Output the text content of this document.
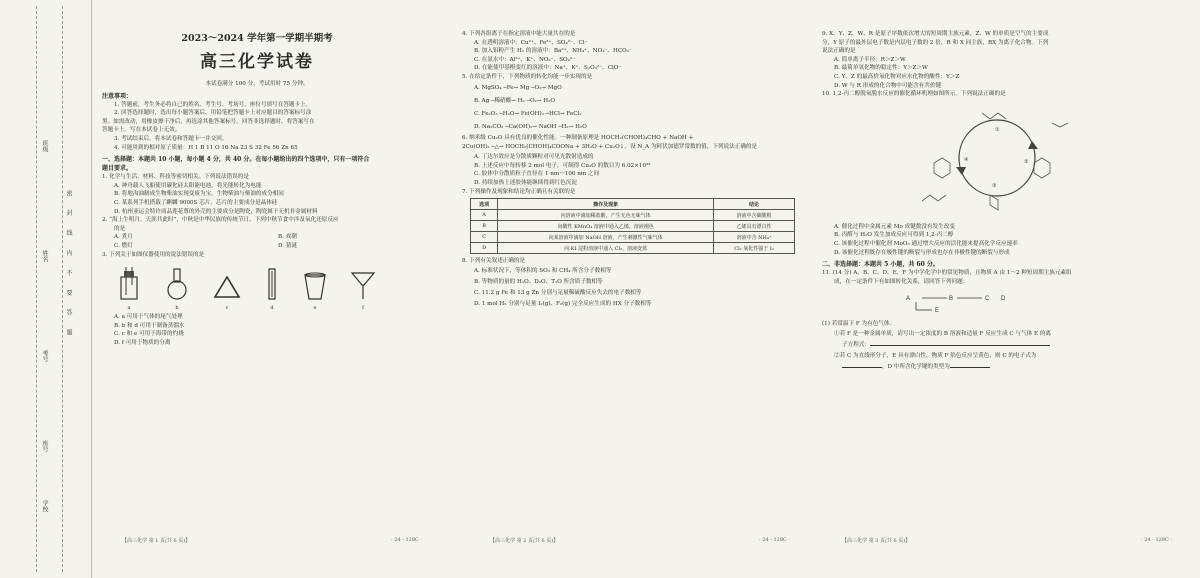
班级
姓名
考号
座号
学校
密 封 线 内 不 要 答 题
2023～2024 学年第一学期半期考
高三化学试卷
本试卷满分 100 分，考试用时 75 分钟。
注意事项：
1. 答题前，考生务必将自己的姓名、考生号、考场号、座位号填写在答题卡上。
2. 回答选择题时，选出每小题答案后，用铅笔把答题卡上对应题目的答案标号涂
黑。如需改动，用橡皮擦干净后，再选涂其他答案标号。回答非选择题时，将答案写在
答题卡上。写在本试卷上无效。
3. 考试结束后，将本试卷和答题卡一并交回。
4. 可能用到的相对原子质量：H 1 B 11 O 16 Na 23 S 32 Fe 56 Zn 65
一、选择题：本题共 10 小题，每小题 4 分，共 40 分。在每小题给出的四个选项中，只有一项符合
题目要求。
1. 化学与生活、材料、科技等密切相关。下列说法错误的是
A. 神舟载人飞船使用碳化硅太阳能电池，将光能转化为电能
B. 将地沟油制成生物柴油实现变废为宝，生物柴油与柴油的成分相同
C. 某系列手机搭载了麒麟 9000S 芯片，芯片的主要成分是晶体硅
D. 杭州亚运会特许商品莲花尊的外壳的主要成分是陶瓷，陶瓷属于无机非金属材料
2. “海上生明月，天涯共此时”，中秋是中华民族的传统节日。下列中秋节食中涉及氧化还原反应
的是
A. 煮月	B. 戏潮
C. 燃灯	D. 猜谜
3. 下列关于如图仪器使用的说法错误的是
a	b	c	d	e	f
A. a 可用于气体的尾气处理
B. b 和 d 可用于制备蒸馏水
C. c 和 e 可用于海带的灼烧
D. f 可用于物质的分离
【高三化学 第 1 页(共 6 页)】	· 24 - 129C ·
4. 下列各组离子在指定溶液中能大量共存的是
A. 在透明溶液中：Cu²⁺、Fe³⁺、SO₄²⁻、Cl⁻
B. 加入铝粉产生 H₂ 的溶液中：Ba²⁺、NH₄⁺、NO₃⁻、HCO₃⁻
C. 在氨水中：Al³⁺、K⁺、NO₃⁻、SO₄²⁻
D. 在能使甲基橙变红的溶液中：Na⁺、K⁺、S₂O₃²⁻、ClO⁻
5. 在给定条件下，下列物质的转化均能一步实现的是
A. MgSO₄ ─Fe→ Mg ─O₂→ MgO
B. Ag ─稀硝酸→ H₂ ─O₂→ H₂O
C. Fe₂O₃ ─H₂O→ Fe(OH)₂ ─HCl→ FeCl₂
D. Na₂CO₃ ─Ca(OH)₂→ NaOH ─H₂→ H₂O
6. 纳米级 Cu₂O 具有优良的催化性能。一种制备原理是 HOCH₂(CHOH)₄CHO + NaOH +
2Cu(OH)₂ ─△→ HOCH₂(CHOH)₄COONa + 3H₂O + Cu₂O↓，设 N_A 为阿伏加德罗常数的值，下列说法正确的是
A. 丁达尔效应是分散质颗粒对可见光散射造成的
B. 上述反应中每转移 2 mol 电子，可制得 Cu₂O 的数目为 6.02×10²³
C. 胶体中分散质粒子直径在 1 nm～100 nm 之间
D. 持续加热上述胶体能继续得到红色沉淀
7. 下列操作及现象和结论均正确且有关联的是
选项	操作及现象	结论
A	向溶液中滴加稀盐酸，产生无色无味气体	溶液中含碳酸根
B	向酸性 KMnO₄ 溶液中通入乙烯，溶液褪色	乙烯具有漂白性
C	向某溶液中滴加 NaOH 溶液，产生刺激性气味气体	溶液中含 NH₄⁺
D	向 KI 淀粉溶液中通入 Cl₂，溶液变蓝	Cl₂ 氧化性强于 I₂
8. 下列有关叙述正确的是
A. 标准状况下，等体积的 SO₃ 和 CH₄ 所含分子数相等
B. 等物质的量的 H₂O、D₂O、T₂O 所含质子数相等
C. 11.2 g Fe 和 13 g Zn 分别与足量稀硫酸反应失去的电子数相等
D. 1 mol H₂ 分别与足量 I₂(g)、F₂(g) 完全反应生成的 HX 分子数相等
【高三化学 第 2 页(共 6 页)】	· 24 - 129C ·
9. X、Y、Z、W、R 是原子序数依次增大的短周期主族元素，Z、W 的单质是空气的主要成
分，Y 原子的最外层电子数是内层电子数的 2 倍，R 和 X 同主族，RX 为离子化合物。下列
说法正确的是
A. 简单离子半径：R＞Z＞W
B. 最简单氢化物的稳定性：Y＞Z＞W
C. Y、Z 的最高价氧化物对应水化物的酸性：Y＞Z
D. W 与 R 形成的化合物中可能含有共价键
10. 1,2-丙二醇脱氧脱水反应的催化循环机理如图所示。下列说法正确的是
①
②
③
④
A. 催化过程中金属元素 Mo 成键数没有发生改变
B. 丙醛与 H₂O 发生加成反应可得到 1,2-丙二醇
C. 该催化过程中催化剂 MoO₃ 通过增大反应的活化能来提高化学反应速率
D. 该催化过程既存在极性键的断裂与形成也存在非极性键的断裂与形成
二、非选择题：本题共 5 小题，共 60 分。
11. (14 分) A、B、C、D、E、F 为中学化学中的常见物质，且物质 A 由 1～2 种短周期主族元素组
成，在一定条件下有如图转化关系，请回答下列问题：
A	B	C D
E
(1) 若常温下 F 为有色气体。
①若 F 是一种金属单质，请写出一定浓度的 B 溶液和适量 F 反应生成 C 与气体 E 的离
子方程式：
②若 C 为直线形分子，E 具有漂白性，物质 F 焰色反应呈黄色，则 C 的电子式为
，D 中所含化学键的类型为
【高三化学 第 3 页(共 6 页)】	· 24 - 129C ·
